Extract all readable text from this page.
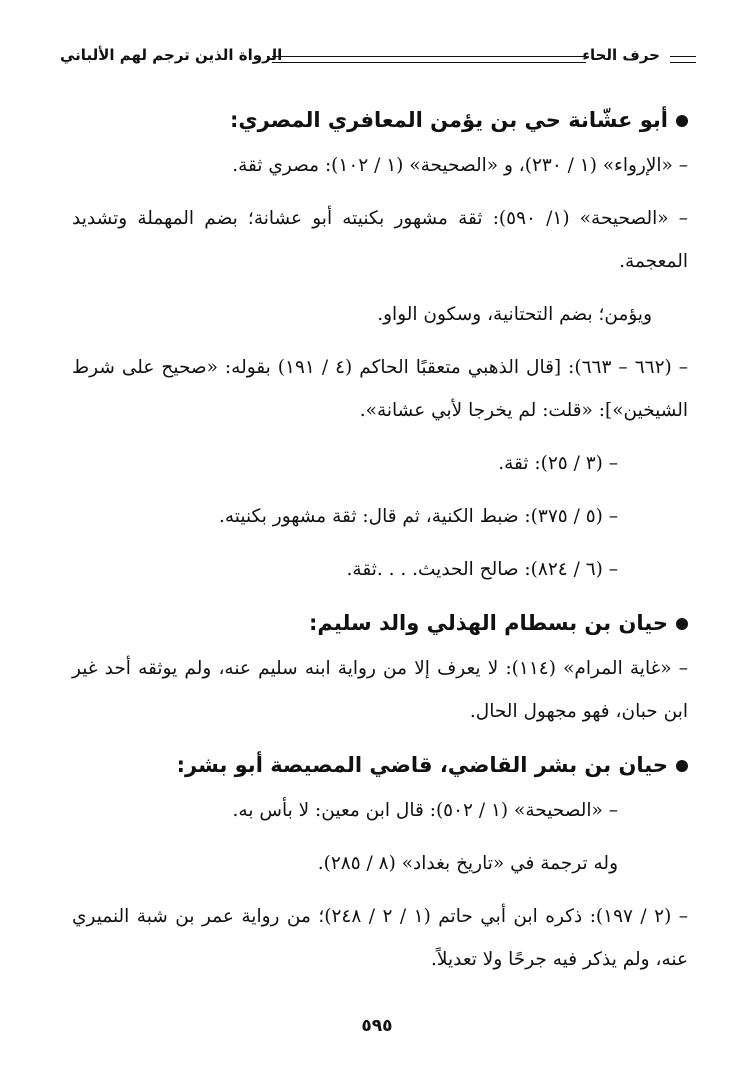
حرف الحاء
الرواة الذين ترجم لهم الألباني
أبو عشّانة حي بن يؤمن المعافري المصري:

– «الإرواء» (١ / ٢٣٠)، و «الصحيحة» (١ / ١٠٢): مصري ثقة.

– «الصحيحة» (١/ ٥٩٠): ثقة مشهور بكنيته أبو عشانة؛ بضم المهملة وتشديد المعجمة.

ويؤمن؛ بضم التحتانية، وسكون الواو.

– (٦٦٢ – ٦٦٣): [قال الذهبي متعقبًا الحاكم (٤ / ١٩١) بقوله: «صحيح على شرط الشيخين»]: «قلت: لم يخرجا لأبي عشانة».

– (٣ / ٢٥): ثقة.

– (٥ / ٣٧٥): ضبط الكنية، ثم قال: ثقة مشهور بكنيته.

– (٦ / ٨٢٤): صالح الحديث. . . .ثقة.

حيان بن بسطام الهذلي والد سليم:

– «غاية المرام» (١١٤): لا يعرف إلا من رواية ابنه سليم عنه، ولم يوثقه أحد غير ابن حبان، فهو مجهول الحال.

حيان بن بشر القاضي، قاضي المصيصة أبو بشر:

– «الصحيحة» (١ / ٥٠٢): قال ابن معين: لا بأس به.

وله ترجمة في «تاريخ بغداد» (٨ / ٢٨٥).

– (٢ / ١٩٧): ذكره ابن أبي حاتم (١ / ٢ / ٢٤٨)؛ من رواية عمر بن شبة النميري عنه، ولم يذكر فيه جرحًا ولا تعديلاً.

٥٩٥
